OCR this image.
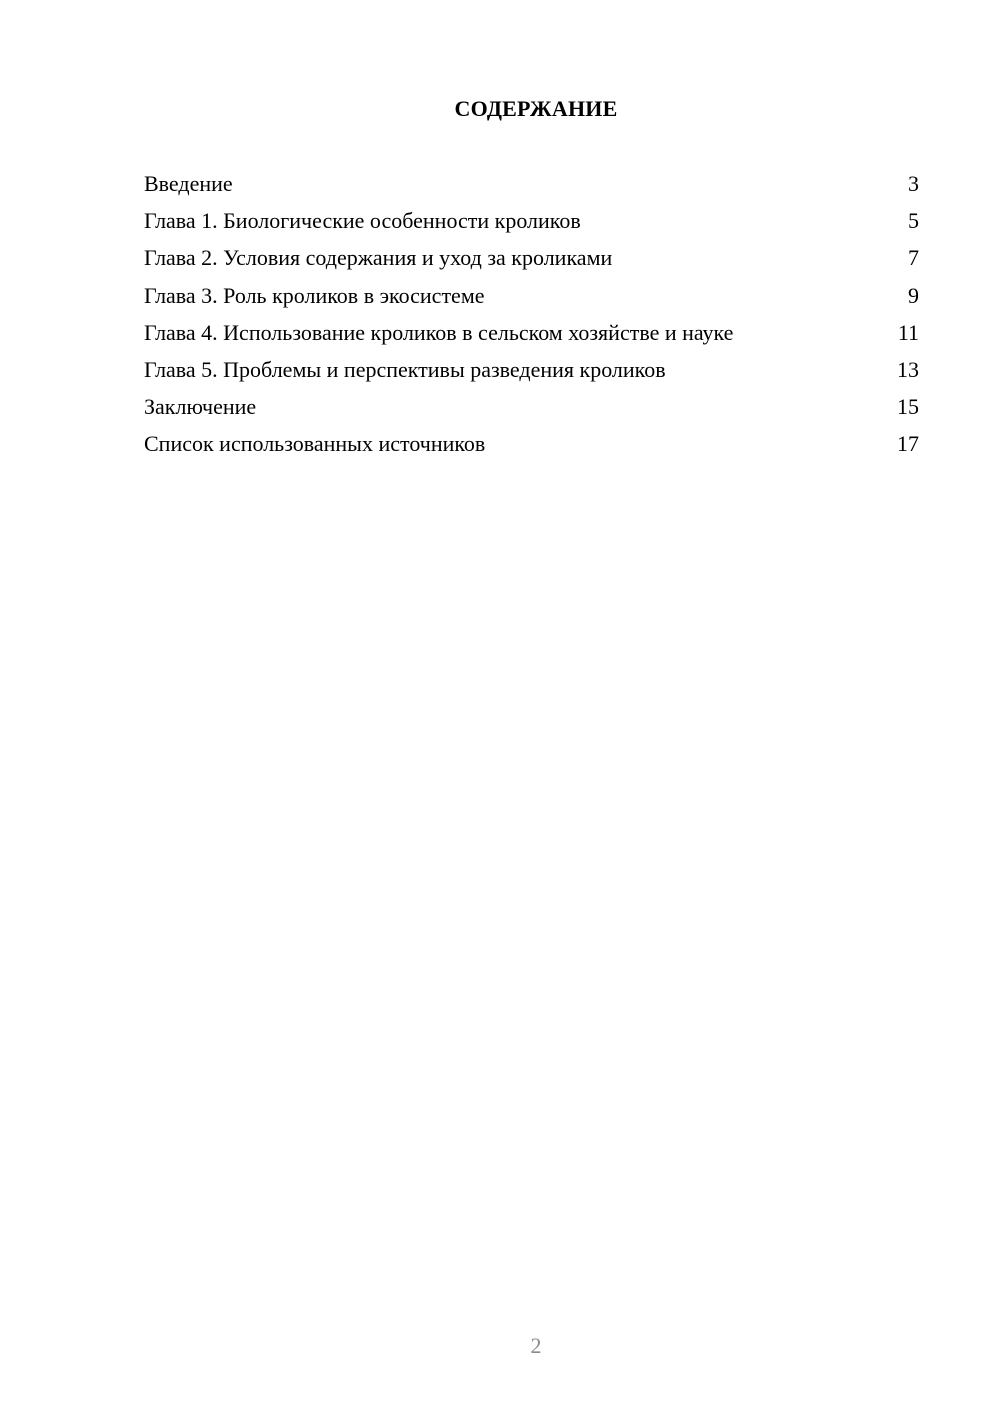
СОДЕРЖАНИЕ
Введение	3
Глава 1. Биологические особенности кроликов	5
Глава 2. Условия содержания и уход за кроликами	7
Глава 3. Роль кроликов в экосистеме	9
Глава 4. Использование кроликов в сельском хозяйстве и науке	11
Глава 5. Проблемы и перспективы разведения кроликов	13
Заключение	15
Список использованных источников	17
2
